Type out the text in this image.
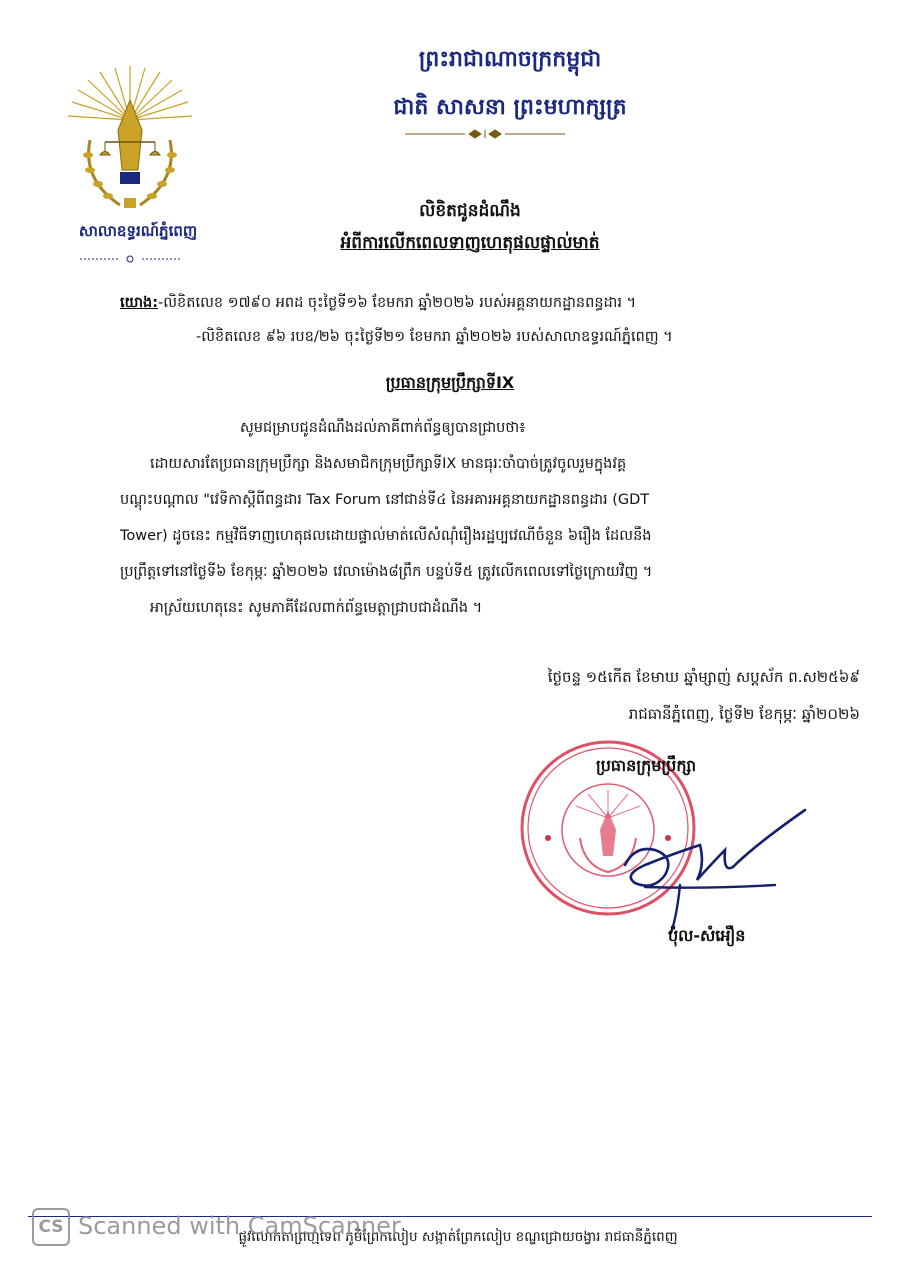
សាលាឧទ្ធរណ៍ភ្នំពេញ
ព្រះរាជាណាចក្រកម្ពុជា
ជាតិ សាសនា ព្រះមហាក្សត្រ
លិខិតជូនដំណឹង
អំពីការលើកពេលទាញហេតុផលផ្ទាល់មាត់
យោង:-លិខិតលេខ ១៧៩០ អពដ ចុះថ្ងៃទី១៦ ខែមករា ឆ្នាំ២០២៦ របស់អគ្គនាយកដ្ឋានពន្ធដារ ។
-លិខិតលេខ ៩៦ របឧ/២៦ ចុះថ្ងៃទី២១ ខែមករា ឆ្នាំ២០២៦ របស់សាលាឧទ្ធរណ៍ភ្នំពេញ ។
ប្រធានក្រុមប្រឹក្សាទីIX

សូមជម្រាបជូនដំណឹងដល់ភាគីពាក់ព័ន្ធឲ្យបានជ្រាបថា៖

ដោយសារតែប្រធានក្រុមប្រឹក្សា និងសមាជិកក្រុមប្រឹក្សាទីIX មានធុរៈចាំបាច់ត្រូវចូលរួមក្នុងវគ្គ

បណ្តុះបណ្តាល "វេទិកាស្តីពីពន្ធដារ Tax Forum នៅជាន់ទី៤ នៃអគារអគ្គនាយកដ្ឋានពន្ធដារ (GDT

Tower) ដូចនេះ កម្មវិធីទាញហេតុផលដោយផ្ទាល់មាត់លើសំណុំរឿងរដ្ឋប្បវេណីចំនួន ៦រឿង ដែលនឹង

ប្រព្រឹត្តទៅនៅថ្ងៃទី៦ ខែកុម្ភៈ ឆ្នាំ២០២៦ វេលាម៉ោង៨ព្រឹក បន្ទប់ទី៥ ត្រូវលើកពេលទៅថ្ងៃក្រោយវិញ ។

អាស្រ័យហេតុនេះ សូមភាគីដែលពាក់ព័ន្ធមេត្តាជ្រាបជាដំណឹង ។

ថ្ងៃចន្ទ ១៥កើត ខែមាឃ ឆ្នាំម្សាញ់ សប្តស័ក ព.ស២៥៦៩
រាជធានីភ្នំពេញ, ថ្ងៃទី២ ខែកុម្ភៈ ឆ្នាំ២០២៦
ប្រធានក្រុមប្រឹក្សា
ប៉ុល-សំអឿន
ផ្លូវលោកតាព្រហ្មទេព ភូមិព្រែកលៀប សង្កាត់ព្រែកលៀប ខណ្ឌជ្រោយចង្វារ រាជធានីភ្នំពេញ
CS Scanned with CamScanner
